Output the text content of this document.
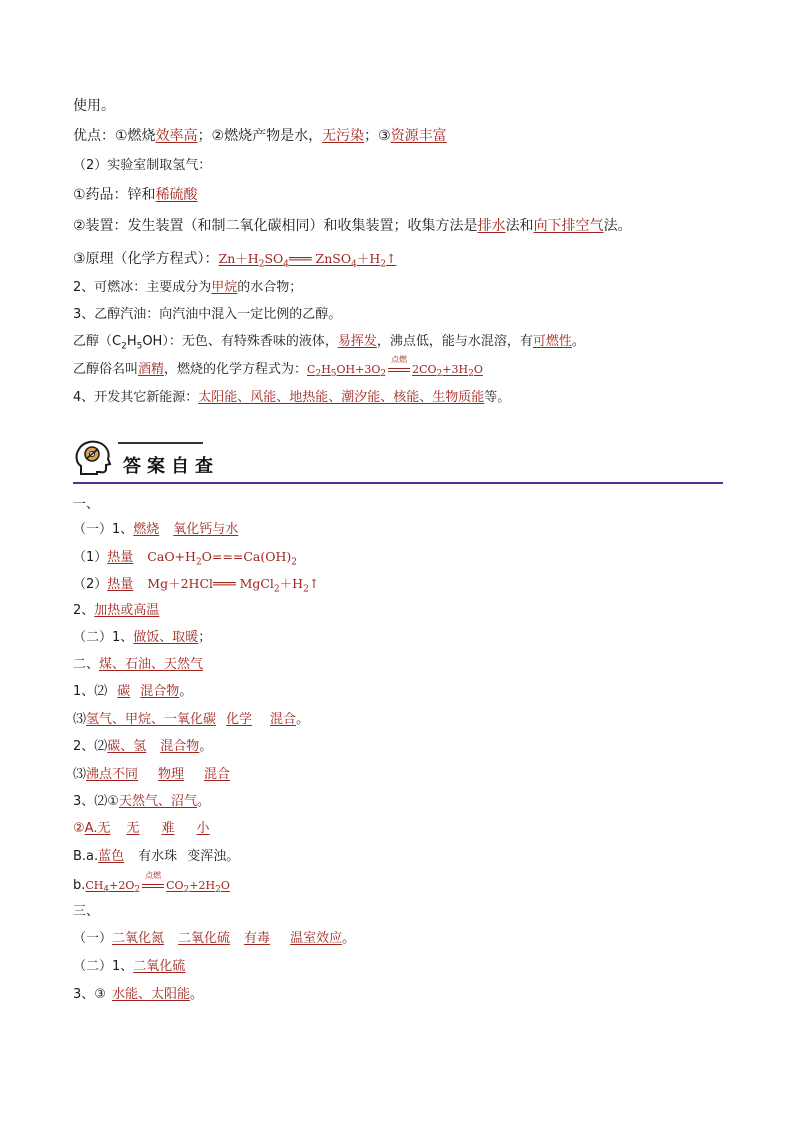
使用。
优点：①燃烧效率高；②燃烧产物是水，无污染；③资源丰富
（2）实验室制取氢气：
①药品：锌和稀硫酸
②装置：发生装置（和制二氧化碳相同）和收集装置；收集方法是排水法和向下排空气法。
③原理（化学方程式）：$Zn+H_2SO_4═══$ $ZnSO_4+H_2↑$
2、可燃冰：主要成分为甲烷的水合物；
3、乙醇汽油：向汽油中混入一定比例的乙醇。
乙醇$(C_2H_5OH)$：无色、有特殊香味的液体，易挥发，沸点低，能与水混溶，有可燃性。
乙醇俗名叫酒精，燃烧的化学方程式为：$C_2H_5OH+3O_2$
点燃
$2CO_2+3H_2O$
4、开发其它新能源：太阳能、风能、地热能、潮汐能、核能、生物质能等。
答案自查
一、
（一）1、燃烧 氧化钙与水
（1）热量 $CaO+H_2O===Ca(OH)_2$
（2）热量 Mg＋2HCl═══ $MgCl_2+H_2↑$
2、加热或高温
（二）1、做饭、取暖；
二、煤、石油、天然气
1、⑵ 碳 混合物。
⑶氢气、甲烷、一氧化碳 化学 混合。
2、⑵碳、氢 混合物。
⑶沸点不同 物理 混合
3、⑵①天然气、沼气。
②A.无 无 难 小
B.a.蓝色 有水珠 变浑浊。
$b.CH_4+2O_2$
点燃
$CO_2+2H_2O$
三、
（一）二氧化氮 二氧化硫 有毒 温室效应。
（二）1、二氧化硫
3、③ 水能、太阳能。
